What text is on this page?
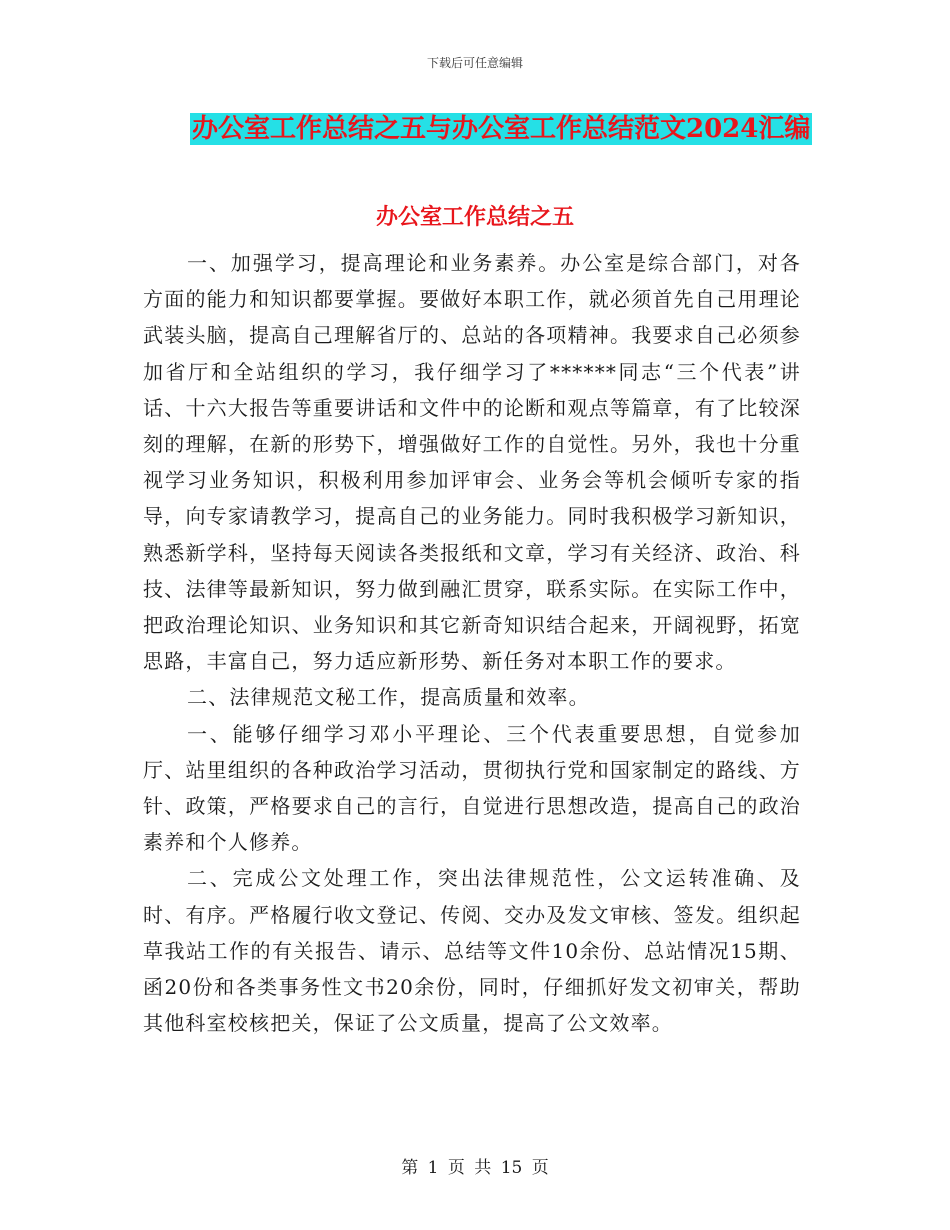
下载后可任意编辑
办公室工作总结之五与办公室工作总结范文2024汇编
办公室工作总结之五

一、加强学习，提高理论和业务素养。办公室是综合部门，对各方面的能力和知识都要掌握。要做好本职工作，就必须首先自己用理论武装头脑，提高自己理解省厅的、总站的各项精神。我要求自己必须参加省厅和全站组织的学习，我仔细学习了******同志“三个代表”讲话、十六大报告等重要讲话和文件中的论断和观点等篇章，有了比较深刻的理解，在新的形势下，增强做好工作的自觉性。另外，我也十分重视学习业务知识，积极利用参加评审会、业务会等机会倾听专家的指导，向专家请教学习，提高自己的业务能力。同时我积极学习新知识，熟悉新学科，坚持每天阅读各类报纸和文章，学习有关经济、政治、科技、法律等最新知识，努力做到融汇贯穿，联系实际。在实际工作中，把政治理论知识、业务知识和其它新奇知识结合起来，开阔视野，拓宽思路，丰富自己，努力适应新形势、新任务对本职工作的要求。

二、法律规范文秘工作，提高质量和效率。

一、能够仔细学习邓小平理论、三个代表重要思想，自觉参加厅、站里组织的各种政治学习活动，贯彻执行党和国家制定的路线、方针、政策，严格要求自己的言行，自觉进行思想改造，提高自己的政治素养和个人修养。

二、完成公文处理工作，突出法律规范性，公文运转准确、及时、有序。严格履行收文登记、传阅、交办及发文审核、签发。组织起草我站工作的有关报告、请示、总结等文件10余份、总站情况15期、函20份和各类事务性文书20余份，同时，仔细抓好发文初审关，帮助其他科室校核把关，保证了公文质量，提高了公文效率。

第 1 页 共 15 页
